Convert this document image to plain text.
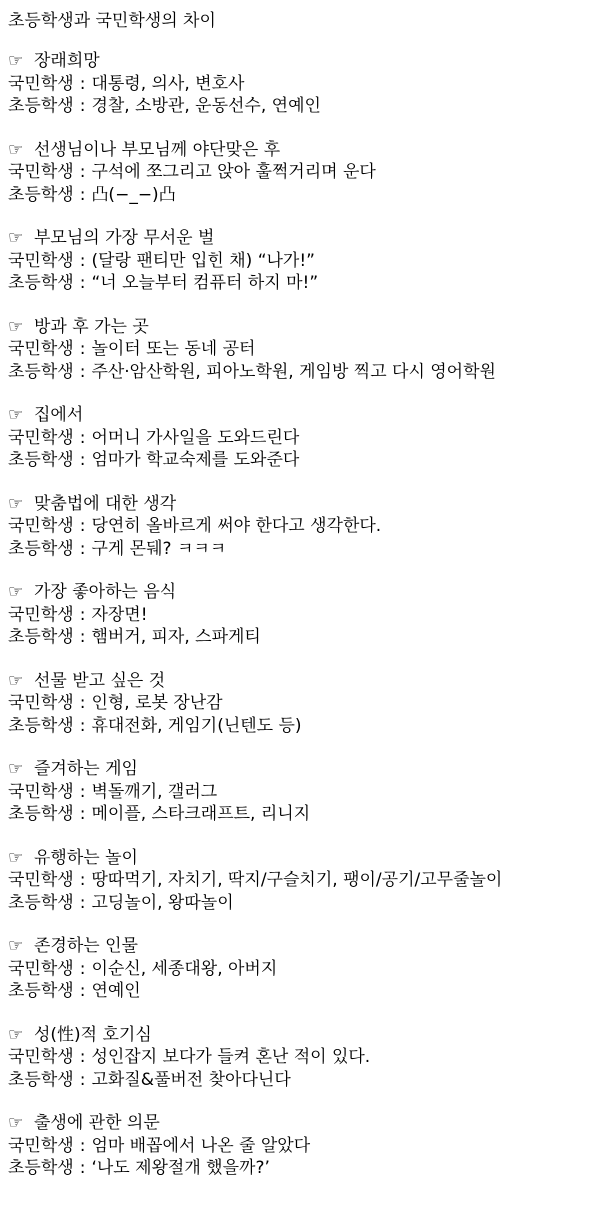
초등학생과 국민학생의 차이
☞ 장래희망
국민학생 : 대통령, 의사, 변호사
초등학생 : 경찰, 소방관, 운동선수, 연예인
☞ 선생님이나 부모님께 야단맞은 후
국민학생 : 구석에 쪼그리고 앉아 훌쩍거리며 운다
초등학생 : 凸(−_−)凸
☞ 부모님의 가장 무서운 벌
국민학생 : (달랑 팬티만 입힌 채) “나가!”
초등학생 : “너 오늘부터 컴퓨터 하지 마!”
☞ 방과 후 가는 곳
국민학생 : 놀이터 또는 동네 공터
초등학생 : 주산·암산학원, 피아노학원, 게임방 찍고 다시 영어학원
☞ 집에서
국민학생 : 어머니 가사일을 도와드린다
초등학생 : 엄마가 학교숙제를 도와준다
☞ 맞춤법에 대한 생각
국민학생 : 당연히 올바르게 써야 한다고 생각한다.
초등학생 : 구게 몬뒈? ㅋㅋㅋ
☞ 가장 좋아하는 음식
국민학생 : 자장면!
초등학생 : 햄버거, 피자, 스파게티
☞ 선물 받고 싶은 것
국민학생 : 인형, 로봇 장난감
초등학생 : 휴대전화, 게임기(닌텐도 등)
☞ 즐겨하는 게임
국민학생 : 벽돌깨기, 갤러그
초등학생 : 메이플, 스타크래프트, 리니지
☞ 유행하는 놀이
국민학생 : 땅따먹기, 자치기, 딱지/구슬치기, 팽이/공기/고무줄놀이
초등학생 : 고딩놀이, 왕따놀이
☞ 존경하는 인물
국민학생 : 이순신, 세종대왕, 아버지
초등학생 : 연예인
☞ 성(性)적 호기심
국민학생 : 성인잡지 보다가 들켜 혼난 적이 있다.
초등학생 : 고화질&풀버전 찾아다닌다
☞ 출생에 관한 의문
국민학생 : 엄마 배꼽에서 나온 줄 알았다
초등학생 : ‘나도 제왕절개 했을까?’
